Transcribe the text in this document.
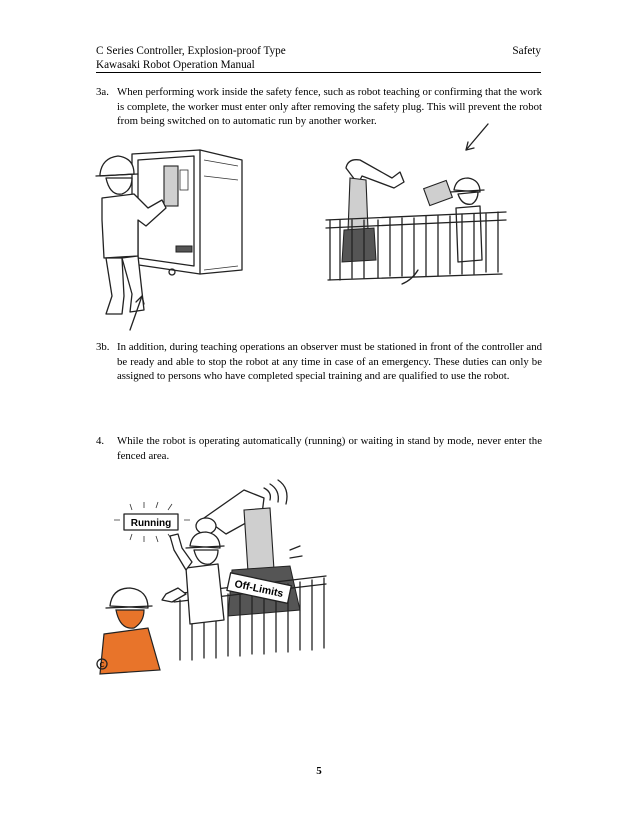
C Series Controller, Explosion-proof Type	Safety
Kawasaki Robot Operation Manual
3a. When performing work inside the safety fence, such as robot teaching or confirming that the work is complete, the worker must enter only after removing the safety plug. This will prevent the robot from being switched on to automatic run by another worker.
3b. In addition, during teaching operations an observer must be stationed in front of the controller and be ready and able to stop the robot at any time in case of an emergency. These duties can only be assigned to persons who have completed special training and are qualified to use the robot.
4. While the robot is operating automatically (running) or waiting in stand by mode, never enter the fenced area.
Running
Off-Limits
C
5
